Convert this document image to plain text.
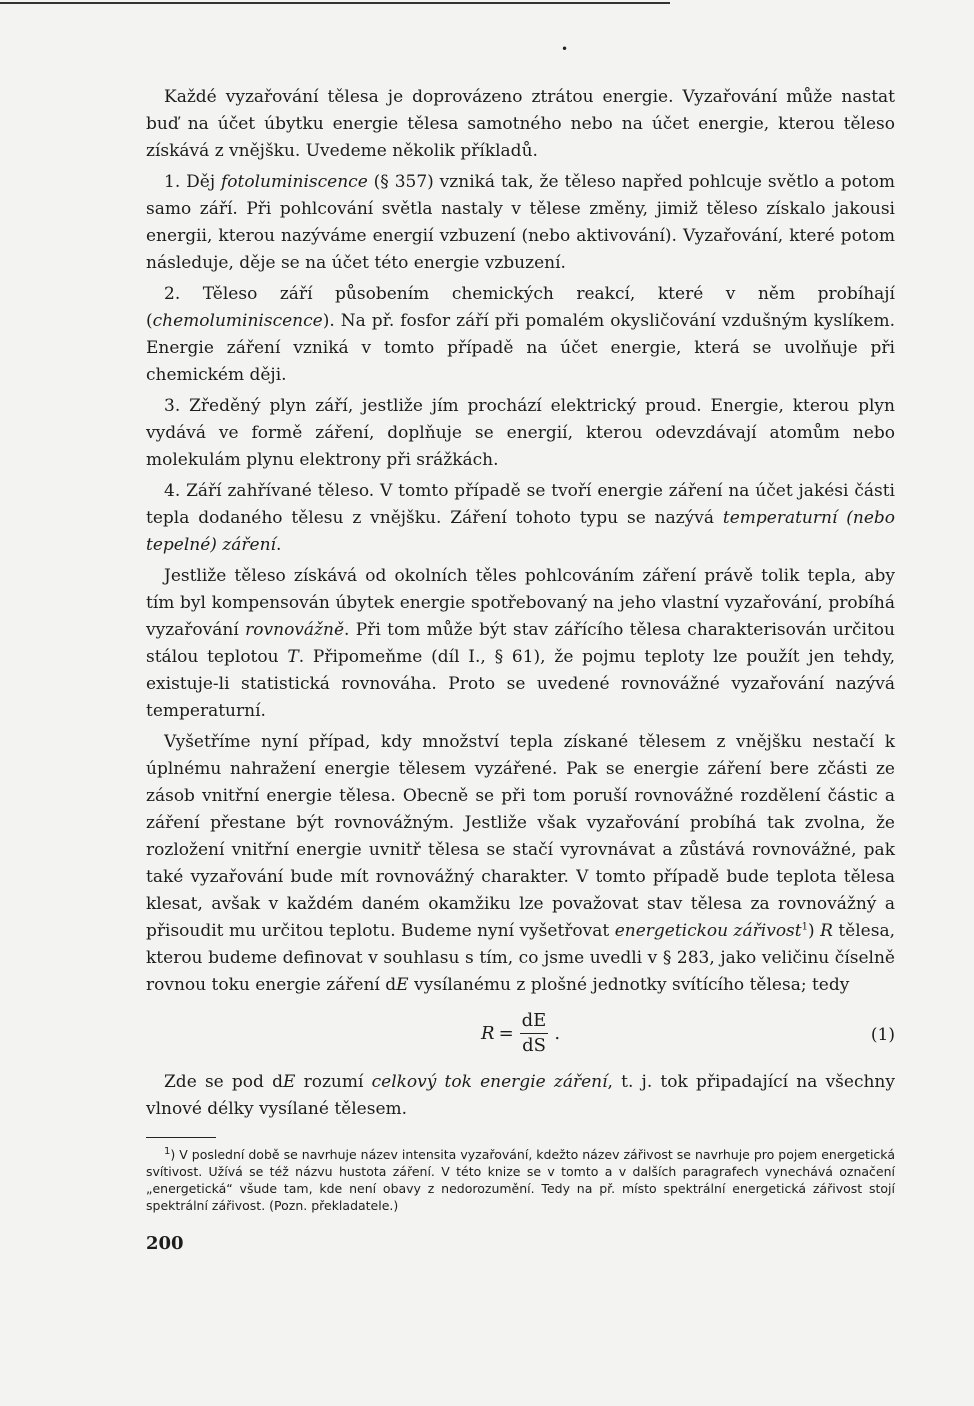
•

Každé vyzařování tělesa je doprovázeno ztrátou energie. Vyzařování může nastat buď na účet úbytku energie tělesa samotného nebo na účet energie, kterou těleso získává z vnějšku. Uvedeme několik příkladů.

1. Děj fotoluminiscence (§ 357) vzniká tak, že těleso napřed pohlcuje světlo a potom samo září. Při pohlcování světla nastaly v tělese změny, jimiž těleso získalo jakousi energii, kterou nazýváme energií vzbuzení (nebo aktivování). Vyzařování, které potom následuje, děje se na účet této energie vzbuzení.

2. Těleso září působením chemických reakcí, které v něm probíhají (chemoluminiscence). Na př. fosfor září při pomalém okysličování vzdušným kyslíkem. Energie záření vzniká v tomto případě na účet energie, která se uvolňuje při chemickém ději.

3. Zředěný plyn září, jestliže jím prochází elektrický proud. Energie, kterou plyn vydává ve formě záření, doplňuje se energií, kterou odevzdávají atomům nebo molekulám plynu elektrony při srážkách.

4. Září zahřívané těleso. V tomto případě se tvoří energie záření na účet jakési části tepla dodaného tělesu z vnějšku. Záření tohoto typu se nazývá temperaturní (nebo tepelné) záření.

Jestliže těleso získává od okolních těles pohlcováním záření právě tolik tepla, aby tím byl kompensován úbytek energie spotřebovaný na jeho vlastní vyzařování, probíhá vyzařování rovnovážně. Při tom může být stav zářícího tělesa charakterisován určitou stálou teplotou T. Připomeňme (díl I., § 61), že pojmu teploty lze použít jen tehdy, existuje-li statistická rovnováha. Proto se uvedené rovnovážné vyzařování nazývá temperaturní.

Vyšetříme nyní případ, kdy množství tepla získané tělesem z vnějšku nestačí k úplnému nahražení energie tělesem vyzářené. Pak se energie záření bere zčásti ze zásob vnitřní energie tělesa. Obecně se při tom poruší rovnovážné rozdělení částic a záření přestane být rovnovážným. Jestliže však vyzařování probíhá tak zvolna, že rozložení vnitřní energie uvnitř tělesa se stačí vyrovnávat a zůstává rovnovážné, pak také vyzařování bude mít rovnovážný charakter. V tomto případě bude teplota tělesa klesat, avšak v každém daném okamžiku lze považovat stav tělesa za rovnovážný a přisoudit mu určitou teplotu. Budeme nyní vyšetřovat energetickou zářivost$^1$) R tělesa, kterou budeme definovat v souhlasu s tím, co jsme uvedli v § 283, jako veličinu číselně rovnou toku energie záření dE vysílanému z plošné jednotky svítícího tělesa; tedy

$R = \frac{dE}{dS}$ .	(1)

Zde se pod dE rozumí celkový tok energie záření, t. j. tok připadající na všechny vlnové délky vysílané tělesem.

$^1$) V poslední době se navrhuje název intensita vyzařování, kdežto název zářivost se navrhuje pro pojem energetická svítivost. Užívá se též názvu hustota záření. V této knize se v tomto a v dalších paragrafech vynechává označení „energetická“ všude tam, kde není obavy z nedorozumění. Tedy na př. místo spektrální energetická zářivost stojí spektrální zářivost. (Pozn. překladatele.)

200
